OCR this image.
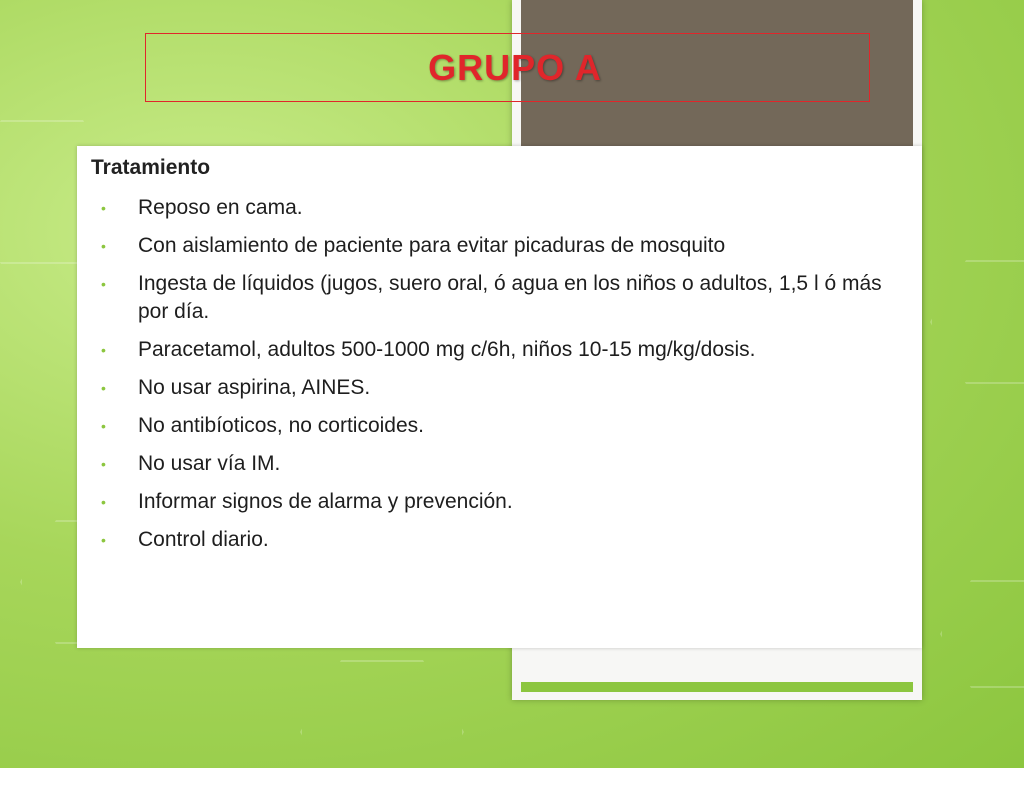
GRUPO A
Tratamiento
• Reposo en cama.
• Con aislamiento de paciente para evitar picaduras de mosquito
• Ingesta de líquidos (jugos, suero oral, ó agua en los niños o adultos, 1,5 l ó más por día.
• Paracetamol, adultos 500-1000 mg c/6h, niños 10-15 mg/kg/dosis.
• No usar aspirina, AINES.
• No antibíoticos, no corticoides.
• No usar vía IM.
• Informar signos de alarma y prevención.
• Control diario.
